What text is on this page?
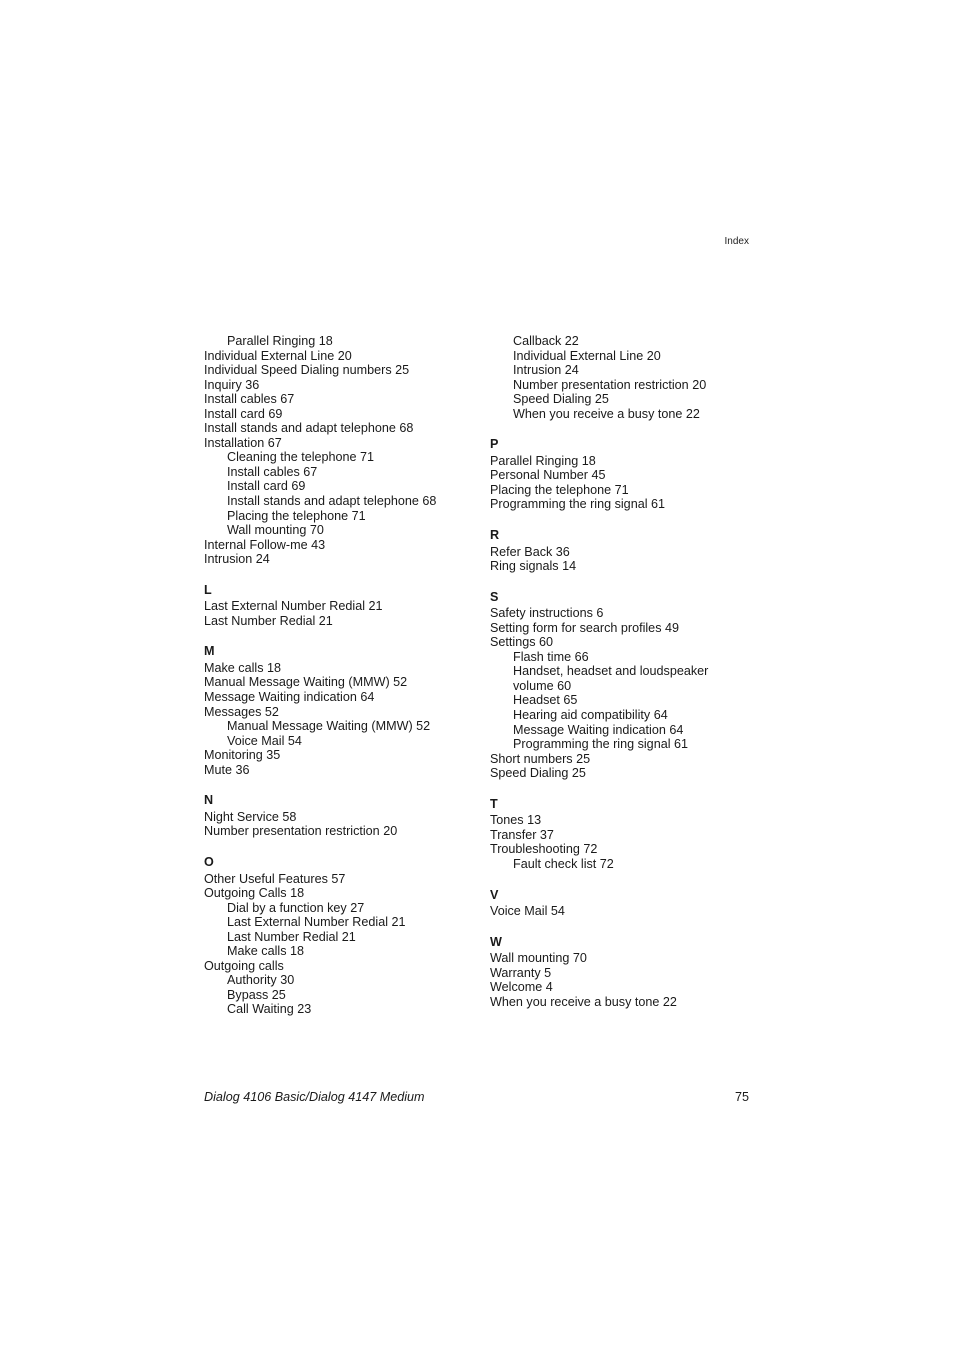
Index
Parallel Ringing 18
Individual External Line 20
Individual Speed Dialing numbers 25
Inquiry 36
Install cables 67
Install card 69
Install stands and adapt telephone 68
Installation 67
Cleaning the telephone 71
Install cables 67
Install card 69
Install stands and adapt telephone 68
Placing the telephone 71
Wall mounting 70
Internal Follow-me 43
Intrusion 24
L
Last External Number Redial 21
Last Number Redial 21
M
Make calls 18
Manual Message Waiting (MMW) 52
Message Waiting indication 64
Messages 52
Manual Message Waiting (MMW) 52
Voice Mail 54
Monitoring 35
Mute 36
N
Night Service 58
Number presentation restriction 20
O
Other Useful Features 57
Outgoing Calls 18
Dial by a function key 27
Last External Number Redial 21
Last Number Redial 21
Make calls 18
Outgoing calls
Authority 30
Bypass 25
Call Waiting 23
Callback 22
Individual External Line 20
Intrusion 24
Number presentation restriction 20
Speed Dialing 25
When you receive a busy tone 22
P
Parallel Ringing 18
Personal Number 45
Placing the telephone 71
Programming the ring signal 61
R
Refer Back 36
Ring signals 14
S
Safety instructions 6
Setting form for search profiles 49
Settings 60
Flash time 66
Handset, headset and loudspeaker
volume 60
Headset 65
Hearing aid compatibility 64
Message Waiting indication 64
Programming the ring signal 61
Short numbers 25
Speed Dialing 25
T
Tones 13
Transfer 37
Troubleshooting 72
Fault check list 72
V
Voice Mail 54
W
Wall mounting 70
Warranty 5
Welcome 4
When you receive a busy tone 22
Dialog 4106 Basic/Dialog 4147 Medium	75
